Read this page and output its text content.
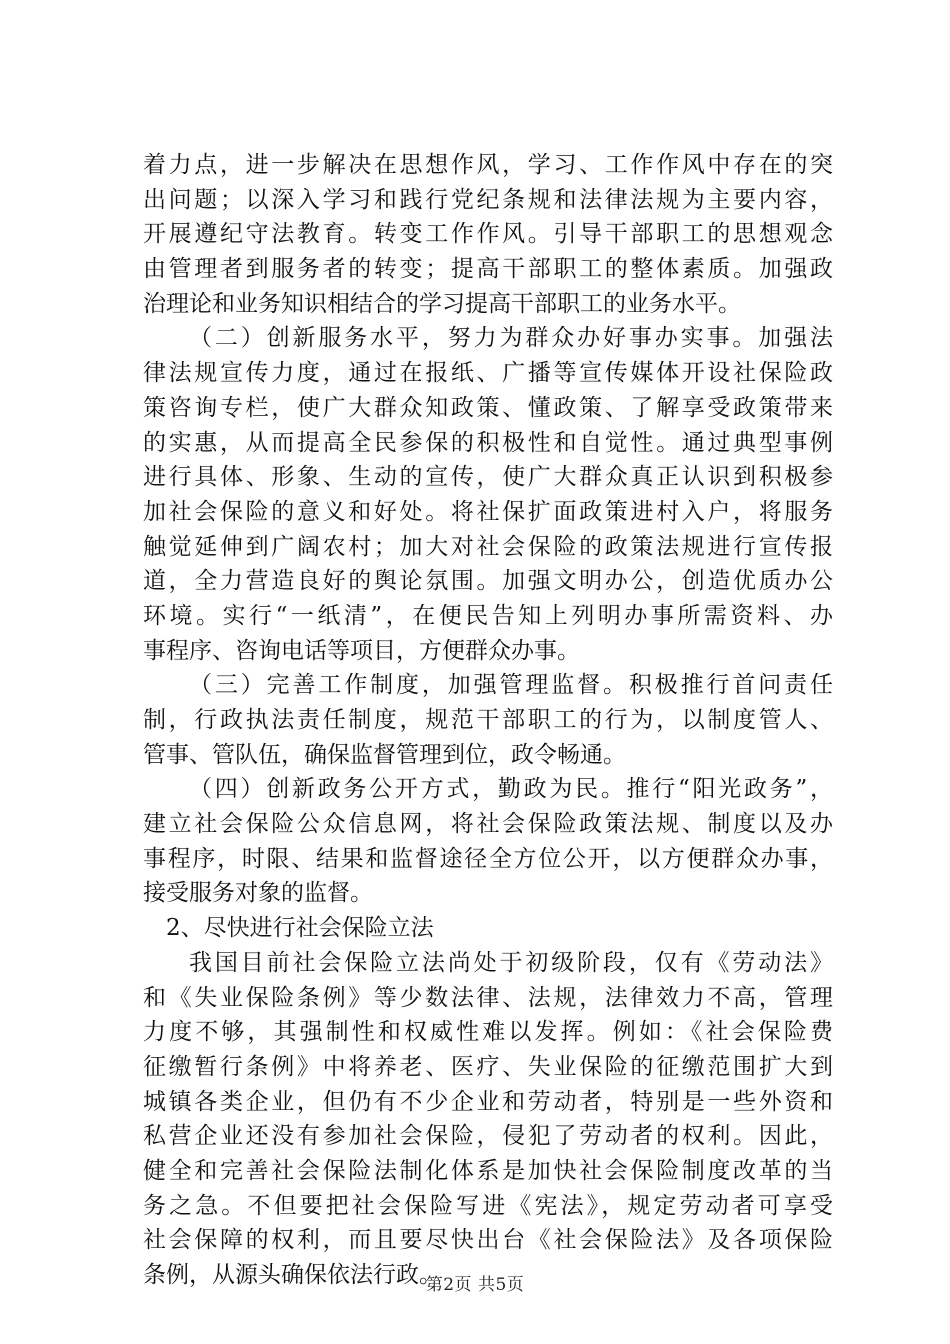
着力点，进一步解决在思想作风，学习、工作作风中存在的突
出问题；以深入学习和践行党纪条规和法律法规为主要内容，
开展遵纪守法教育。转变工作作风。引导干部职工的思想观念
由管理者到服务者的转变；提高干部职工的整体素质。加强政
治理论和业务知识相结合的学习提高干部职工的业务水平。
（二）创新服务水平，努力为群众办好事办实事。加强法
律法规宣传力度，通过在报纸、广播等宣传媒体开设社保险政
策咨询专栏，使广大群众知政策、懂政策、了解享受政策带来
的实惠，从而提高全民参保的积极性和自觉性。通过典型事例
进行具体、形象、生动的宣传，使广大群众真正认识到积极参
加社会保险的意义和好处。将社保扩面政策进村入户，将服务
触觉延伸到广阔农村；加大对社会保险的政策法规进行宣传报
道，全力营造良好的舆论氛围。加强文明办公，创造优质办公
环境。实行“一纸清”，在便民告知上列明办事所需资料、办
事程序、咨询电话等项目，方便群众办事。
（三）完善工作制度，加强管理监督。积极推行首问责任
制，行政执法责任制度，规范干部职工的行为，以制度管人、
管事、管队伍，确保监督管理到位，政令畅通。
（四）创新政务公开方式，勤政为民。推行“阳光政务”，
建立社会保险公众信息网，将社会保险政策法规、制度以及办
事程序，时限、结果和监督途径全方位公开，以方便群众办事，
接受服务对象的监督。
2、尽快进行社会保险立法
我国目前社会保险立法尚处于初级阶段，仅有《劳动法》
和《失业保险条例》等少数法律、法规，法律效力不高，管理
力度不够，其强制性和权威性难以发挥。例如：《社会保险费
征缴暂行条例》中将养老、医疗、失业保险的征缴范围扩大到
城镇各类企业，但仍有不少企业和劳动者，特别是一些外资和
私营企业还没有参加社会保险，侵犯了劳动者的权利。因此，
健全和完善社会保险法制化体系是加快社会保险制度改革的当
务之急。不但要把社会保险写进《宪法》，规定劳动者可享受
社会保障的权利，而且要尽快出台《社会保险法》及各项保险
条例，从源头确保依法行政。
第2页 共5页
